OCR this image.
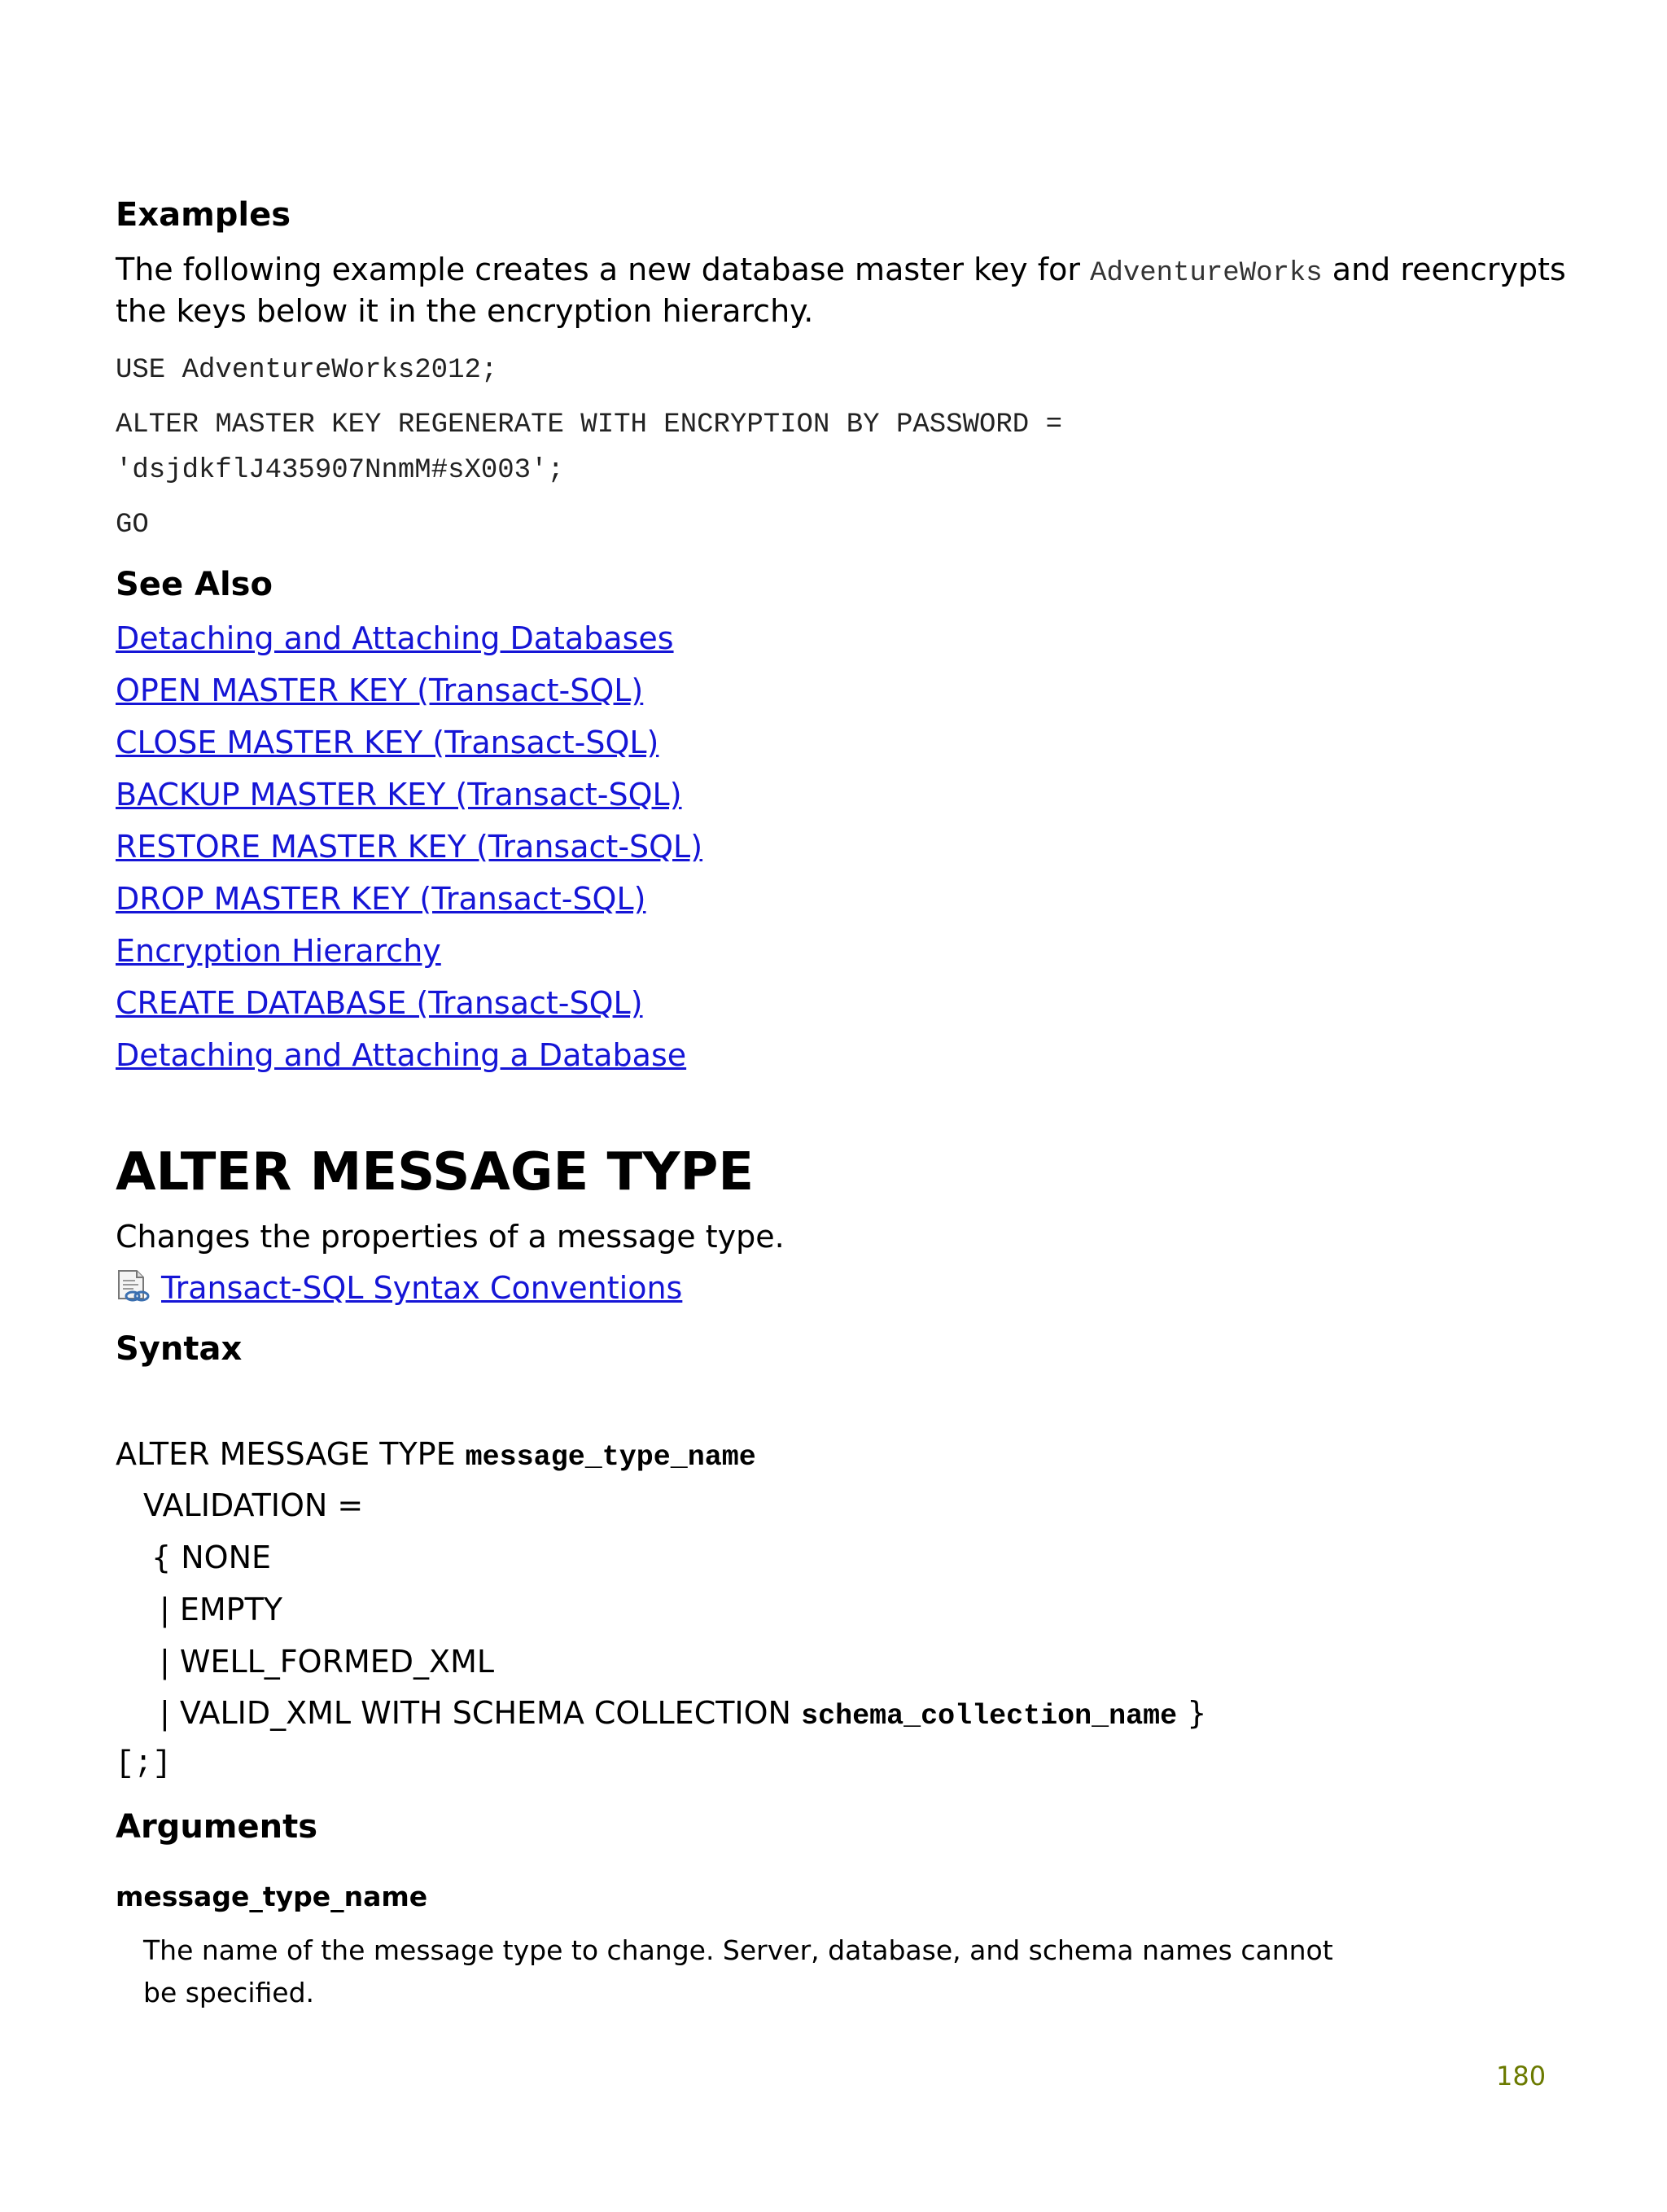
Examples

The following example creates a new database master key for AdventureWorks and reencrypts

the keys below it in the encryption hierarchy.

USE AdventureWorks2012;

ALTER MASTER KEY REGENERATE WITH ENCRYPTION BY PASSWORD =

'dsjdkflJ435907NnmM#sX003';

GO

See Also
Detaching and Attaching Databases
OPEN MASTER KEY (Transact-SQL)
CLOSE MASTER KEY (Transact-SQL)
BACKUP MASTER KEY (Transact-SQL)
RESTORE MASTER KEY (Transact-SQL)
DROP MASTER KEY (Transact-SQL)
Encryption Hierarchy
CREATE DATABASE (Transact-SQL)
Detaching and Attaching a Database
ALTER MESSAGE TYPE

Changes the properties of a message type.

Transact-SQL Syntax Conventions

Syntax

ALTER MESSAGE TYPE message_type_name

VALIDATION =

{ NONE

| EMPTY

| WELL_FORMED_XML

| VALID_XML WITH SCHEMA COLLECTION schema_collection_name }

[;]

Arguments

message_type_name

The name of the message type to change. Server, database, and schema names cannot be specified.

180
